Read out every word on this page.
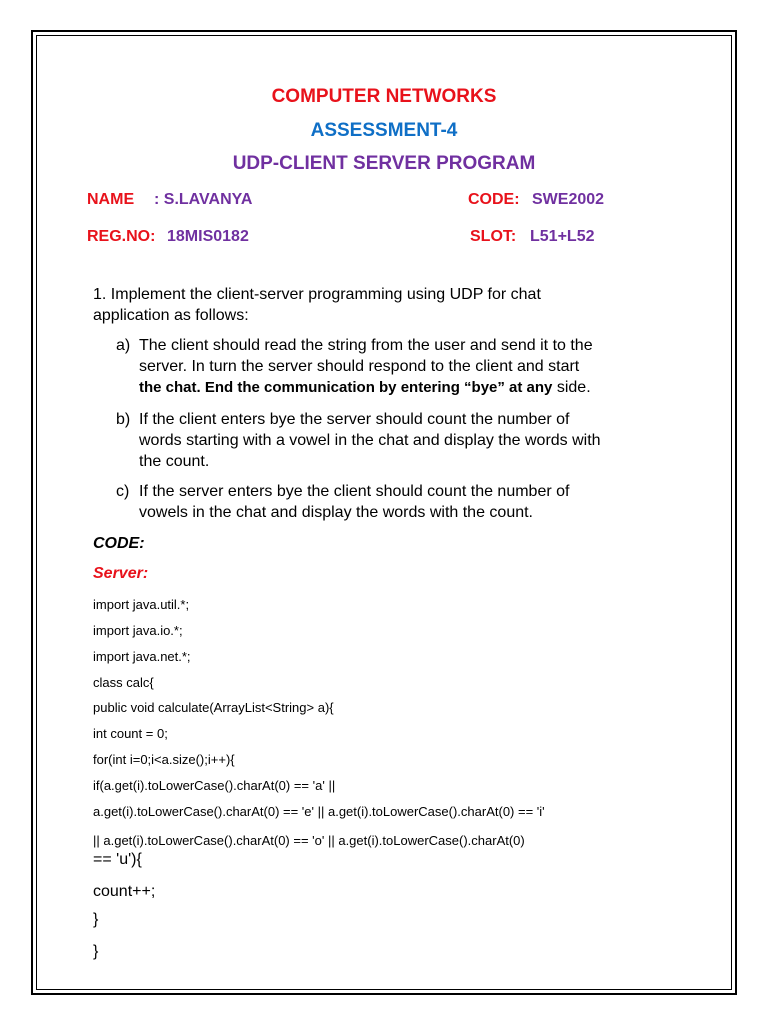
COMPUTER NETWORKS
ASSESSMENT-4
UDP-CLIENT SERVER PROGRAM
NAME : S.LAVANYA	CODE: SWE2002
REG.NO: 18MIS0182	SLOT: L51+L52
1. Implement the client-server programming using UDP for chat
application as follows:
a) The client should read the string from the user and send it to the
server. In turn the server should respond to the client and start
the chat. End the communication by entering “bye” at any side.
b) If the client enters bye the server should count the number of
words starting with a vowel in the chat and display the words with
the count.
c) If the server enters bye the client should count the number of
vowels in the chat and display the words with the count.
CODE:
Server:
import java.util.*;
import java.io.*;
import java.net.*;
class calc{
public void calculate(ArrayList<String> a){
int count = 0;
for(int i=0;i<a.size();i++){
if(a.get(i).toLowerCase().charAt(0) == 'a' ||
a.get(i).toLowerCase().charAt(0) == 'e' || a.get(i).toLowerCase().charAt(0) == 'i'
|| a.get(i).toLowerCase().charAt(0) == 'o' || a.get(i).toLowerCase().charAt(0)
== 'u'){
count++;
}
}
